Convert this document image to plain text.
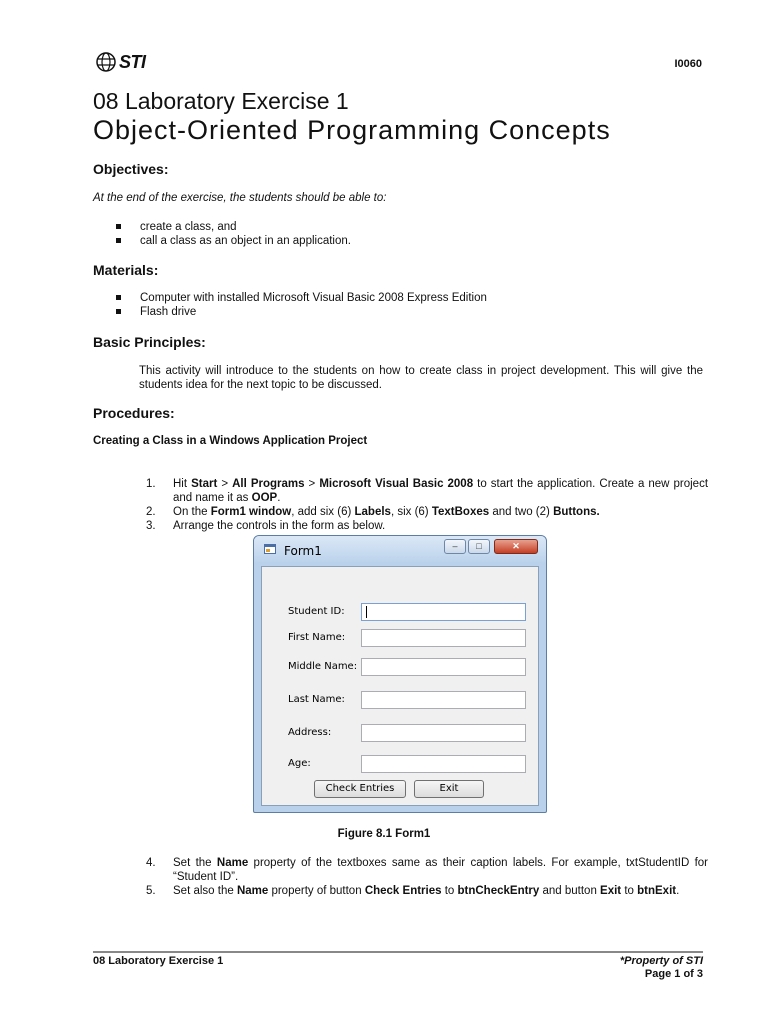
STI	I0060
08 Laboratory Exercise 1
Object-Oriented Programming Concepts
Objectives:
At the end of the exercise, the students should be able to:
create a class, and
call a class as an object in an application.
Materials:
Computer with installed Microsoft Visual Basic 2008 Express Edition
Flash drive
Basic Principles:
This activity will introduce to the students on how to create class in project development. This will give the students idea for the next topic to be discussed.
Procedures:
Creating a Class in a Windows Application Project
1. Hit Start > All Programs > Microsoft Visual Basic 2008 to start the application. Create a new project and name it as OOP.
2. On the Form1 window, add six (6) Labels, six (6) TextBoxes and two (2) Buttons.
3. Arrange the controls in the form as below.
Form1	–	□	✕
Student ID:
First Name:
Middle Name:
Last Name:
Address:
Age:
Check Entries	Exit
Figure 8.1 Form1
4. Set the Name property of the textboxes same as their caption labels. For example, txtStudentID for “Student ID”.
5. Set also the Name property of button Check Entries to btnCheckEntry and button Exit to btnExit.
08 Laboratory Exercise 1	*Property of STI
Page 1 of 3
